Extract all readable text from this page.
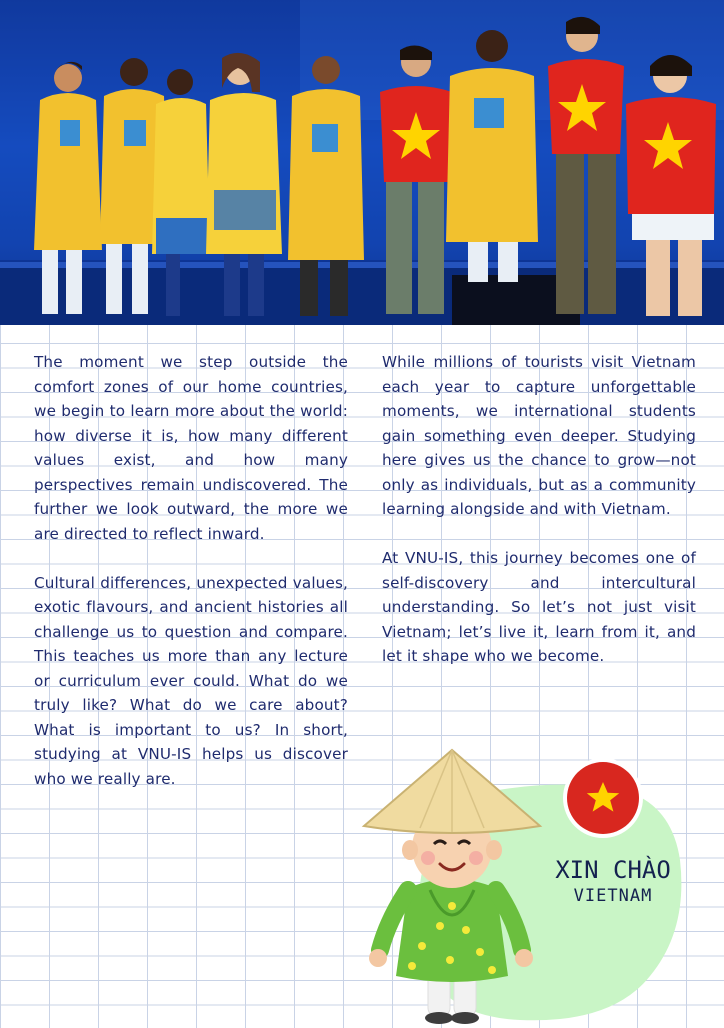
The moment we step outside the comfort zones of our home countries, we begin to learn more about the world: how diverse it is, how many different values exist, and how many perspectives remain undiscovered. The further we look outward, the more we are directed to reflect inward.

Cultural differences, unexpected values, exotic flavours, and ancient histories all challenge us to question and compare. This teaches us more than any lecture or curriculum ever could. What do we truly like? What do we care about? What is important to us? In short, studying at VNU-IS helps us discover who we really are.

While millions of tourists visit Vietnam each year to capture unforgettable moments, we international students gain something even deeper. Studying here gives us the chance to grow—not only as individuals, but as a community learning alongside and with Vietnam.

At VNU-IS, this journey becomes one of self-discovery and intercultural understanding. So let’s not just visit Vietnam; let’s live it, learn from it, and let it shape who we become.

XIN CHÀO
VIETNAM
